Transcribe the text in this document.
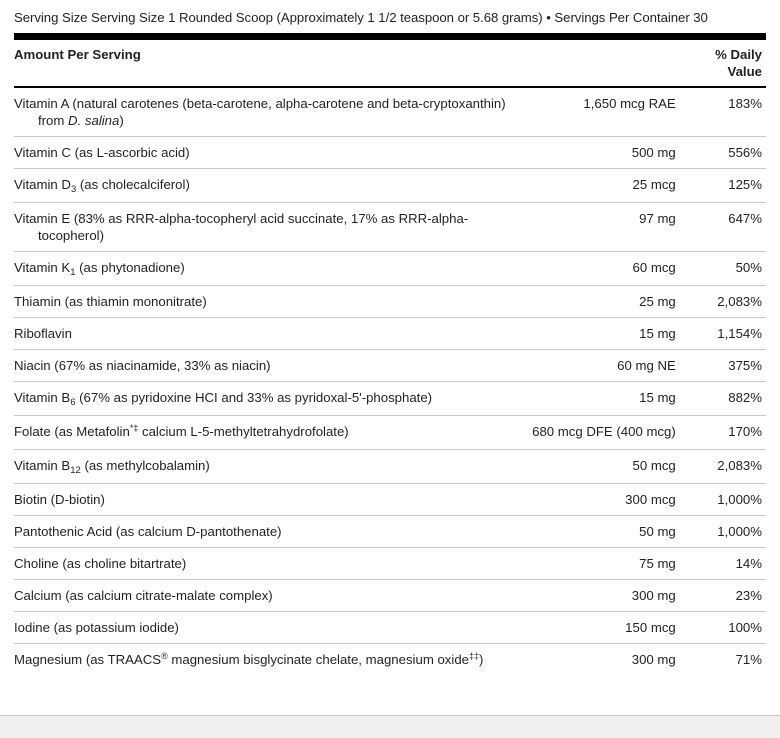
Serving Size Serving Size 1 Rounded Scoop (Approximately 1 1/2 teaspoon or 5.68 grams) • Servings Per Container 30
Amount Per Serving		% Daily Value
Vitamin A (natural carotenes (beta-carotene, alpha-carotene and beta-cryptoxanthin) from D. salina)	1,650 mcg RAE	183%

Vitamin C (as L-ascorbic acid)	500 mg	556%

Vitamin $D_3$ (as cholecalciferol)	25 mcg	125%

Vitamin E (83% as RRR-alpha-tocopheryl acid succinate, 17% as RRR-alpha-tocopherol)	97 mg	647%

Vitamin $K_1$ (as phytonadione)	60 mcg	50%

Thiamin (as thiamin mononitrate)	25 mg	2,083%

Riboflavin	15 mg	1,154%

Niacin (67% as niacinamide, 33% as niacin)	60 mg NE	375%

Vitamin $B_6$ (67% as pyridoxine HCI and 33% as pyridoxal-5'-phosphate)	15 mg	882%

Folate (as Metafolin*‡ calcium L-5-methyltetrahydrofolate)	680 mcg DFE (400 mcg)	170%

Vitamin $B_{12}$ (as methylcobalamin)	50 mcg	2,083%

Biotin (D-biotin)	300 mcg	1,000%

Pantothenic Acid (as calcium D-pantothenate)	50 mg	1,000%

Choline (as choline bitartrate)	75 mg	14%

Calcium (as calcium citrate-malate complex)	300 mg	23%

Iodine (as potassium iodide)	150 mcg	100%

Magnesium (as TRAACS® magnesium bisglycinate chelate, magnesium oxide‡‡)	300 mg	71%
